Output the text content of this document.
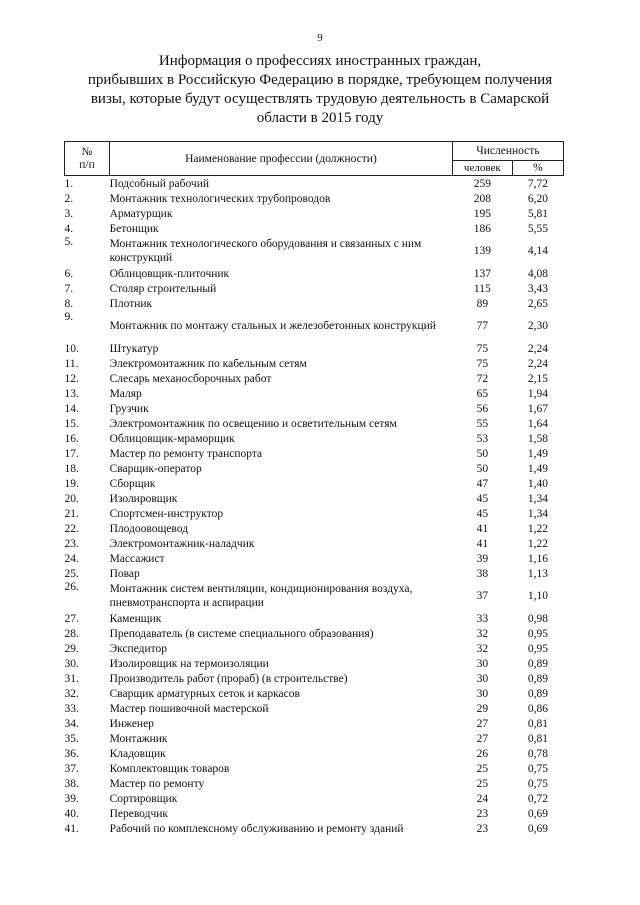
9
Информация о профессиях иностранных граждан,
прибывших в Российскую Федерацию в порядке, требующем получения
визы, которые будут осуществлять трудовую деятельность в Самарской
области в 2015 году
№
п/п	Наименование профессии (должности)	Численность	
		человек	%
1.	Подсобный рабочий	259	7,72
2.	Монтажник технологических трубопроводов	208	6,20
3.	Арматурщик	195	5,81
4.	Бетонщик	186	5,55
5.	Монтажник технологического оборудования и связанных с ним конструкций	139	4,14
6.	Облицовщик-плиточник	137	4,08
7.	Столяр строительный	115	3,43
8.	Плотник	89	2,65
9.	Монтажник по монтажу стальных и железобетонных конструкций	77	2,30
10.	Штукатур	75	2,24
11.	Электромонтажник по кабельным сетям	75	2,24
12.	Слесарь механосборочных работ	72	2,15
13.	Маляр	65	1,94
14.	Грузчик	56	1,67
15.	Электромонтажник по освещению и осветительным сетям	55	1,64
16.	Облицовщик-мраморщик	53	1,58
17.	Мастер по ремонту транспорта	50	1,49
18.	Сварщик-оператор	50	1,49
19.	Сборщик	47	1,40
20.	Изолировщик	45	1,34
21.	Спортсмен-инструктор	45	1,34
22.	Плодоовощевод	41	1,22
23.	Электромонтажник-наладчик	41	1,22
24.	Массажист	39	1,16
25.	Повар	38	1,13
26.	Монтажник систем вентиляции, кондиционирования воздуха, пневмотранспорта и аспирации	37	1,10
27.	Каменщик	33	0,98
28.	Преподаватель (в системе специального образования)	32	0,95
29.	Экспедитор	32	0,95
30.	Изолировщик на термоизоляции	30	0,89
31.	Производитель работ (прораб) (в строительстве)	30	0,89
32.	Сварщик арматурных сеток и каркасов	30	0,89
33.	Мастер пошивочной мастерской	29	0,86
34.	Инженер	27	0,81
35.	Монтажник	27	0,81
36.	Кладовщик	26	0,78
37.	Комплектовщик товаров	25	0,75
38.	Мастер по ремонту	25	0,75
39.	Сортировщик	24	0,72
40.	Переводчик	23	0,69
41.	Рабочий по комплексному обслуживанию и ремонту зданий	23	0,69
